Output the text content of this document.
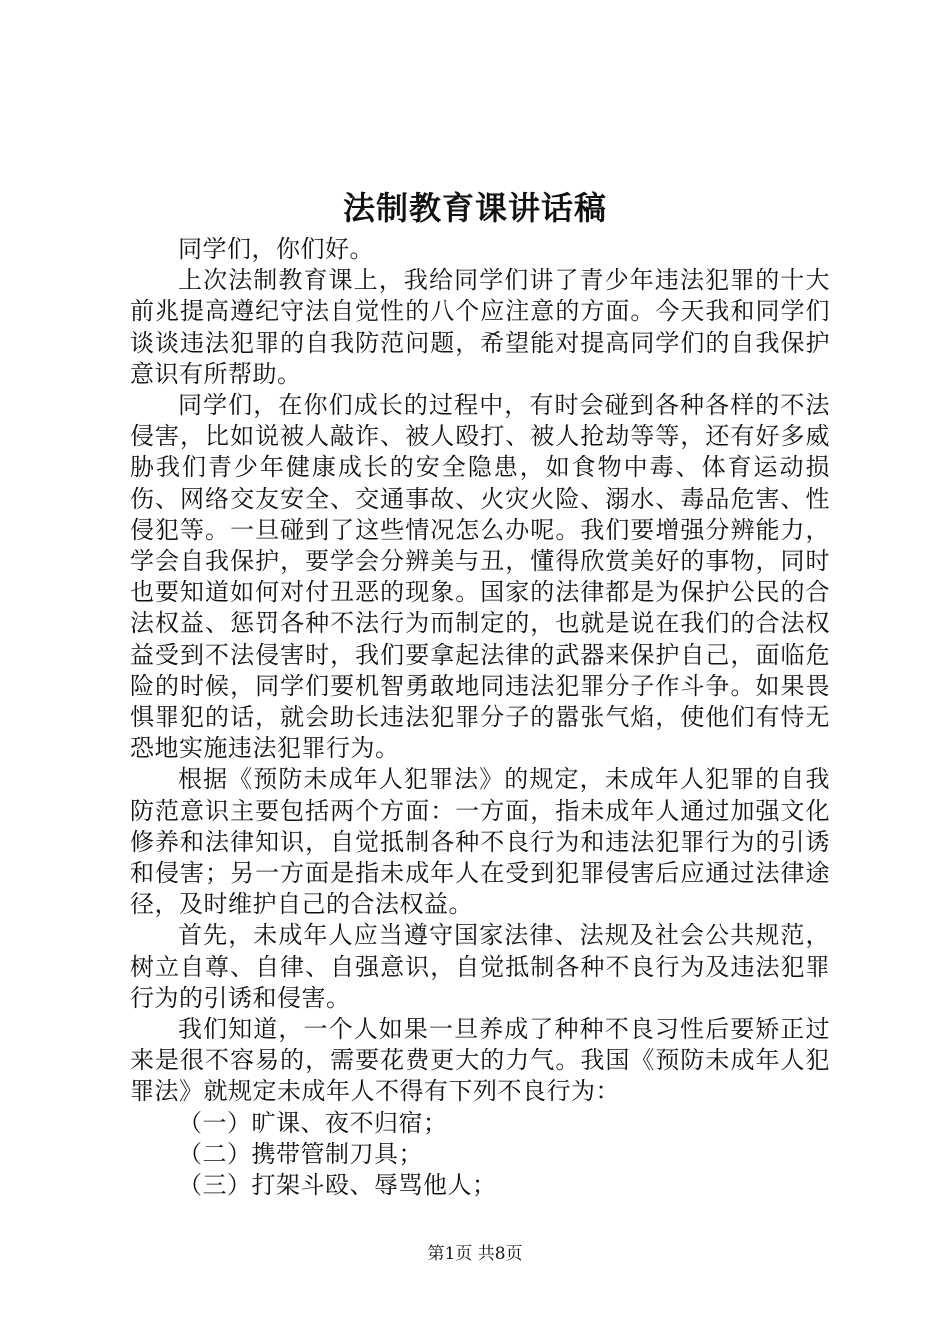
法制教育课讲话稿

同学们，你们好。

上次法制教育课上，我给同学们讲了青少年违法犯罪的十大前兆提高遵纪守法自觉性的八个应注意的方面。今天我和同学们谈谈违法犯罪的自我防范问题，希望能对提高同学们的自我保护意识有所帮助。

同学们，在你们成长的过程中，有时会碰到各种各样的不法侵害，比如说被人敲诈、被人殴打、被人抢劫等等，还有好多威胁我们青少年健康成长的安全隐患，如食物中毒、体育运动损伤、网络交友安全、交通事故、火灾火险、溺水、毒品危害、性侵犯等。一旦碰到了这些情况怎么办呢。我们要增强分辨能力，学会自我保护，要学会分辨美与丑，懂得欣赏美好的事物，同时也要知道如何对付丑恶的现象。国家的法律都是为保护公民的合法权益、惩罚各种不法行为而制定的，也就是说在我们的合法权益受到不法侵害时，我们要拿起法律的武器来保护自己，面临危险的时候，同学们要机智勇敢地同违法犯罪分子作斗争。如果畏惧罪犯的话，就会助长违法犯罪分子的嚣张气焰，使他们有恃无恐地实施违法犯罪行为。

根据《预防未成年人犯罪法》的规定，未成年人犯罪的自我防范意识主要包括两个方面：一方面，指未成年人通过加强文化修养和法律知识，自觉抵制各种不良行为和违法犯罪行为的引诱和侵害；另一方面是指未成年人在受到犯罪侵害后应通过法律途径，及时维护自己的合法权益。

首先，未成年人应当遵守国家法律、法规及社会公共规范，树立自尊、自律、自强意识，自觉抵制各种不良行为及违法犯罪行为的引诱和侵害。

我们知道，一个人如果一旦养成了种种不良习性后要矫正过来是很不容易的，需要花费更大的力气。我国《预防未成年人犯罪法》就规定未成年人不得有下列不良行为：

（一）旷课、夜不归宿；

（二）携带管制刀具；

（三）打架斗殴、辱骂他人；

第1页 共8页
